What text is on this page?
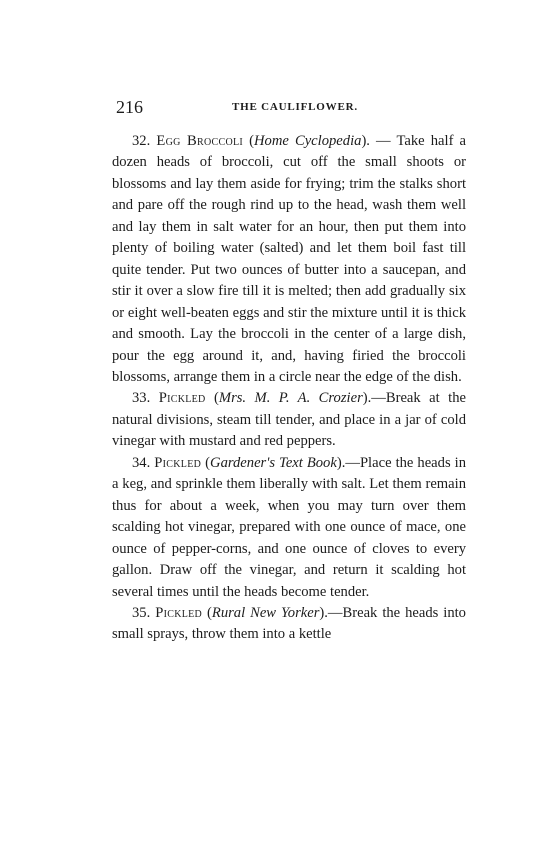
216	THE CAULIFLOWER.

32. Egg Broccoli (Home Cyclopedia). — Take half a dozen heads of broccoli, cut off the small shoots or blossoms and lay them aside for frying; trim the stalks short and pare off the rough rind up to the head, wash them well and lay them in salt water for an hour, then put them into plenty of boiling water (salted) and let them boil fast till quite tender. Put two ounces of butter into a saucepan, and stir it over a slow fire till it is melted; then add gradually six or eight well-beaten eggs and stir the mixture until it is thick and smooth. Lay the broccoli in the center of a large dish, pour the egg around it, and, having firied the broccoli blossoms, arrange them in a circle near the edge of the dish.

33. Pickled (Mrs. M. P. A. Crozier).—Break at the natural divisions, steam till tender, and place in a jar of cold vinegar with mustard and red peppers.

34. Pickled (Gardener's Text Book).—Place the heads in a keg, and sprinkle them liberally with salt. Let them remain thus for about a week, when you may turn over them scalding hot vinegar, prepared with one ounce of mace, one ounce of pepper-corns, and one ounce of cloves to every gallon. Draw off the vinegar, and return it scalding hot several times until the heads become tender.

35. Pickled (Rural New Yorker).—Break the heads into small sprays, throw them into a kettle
